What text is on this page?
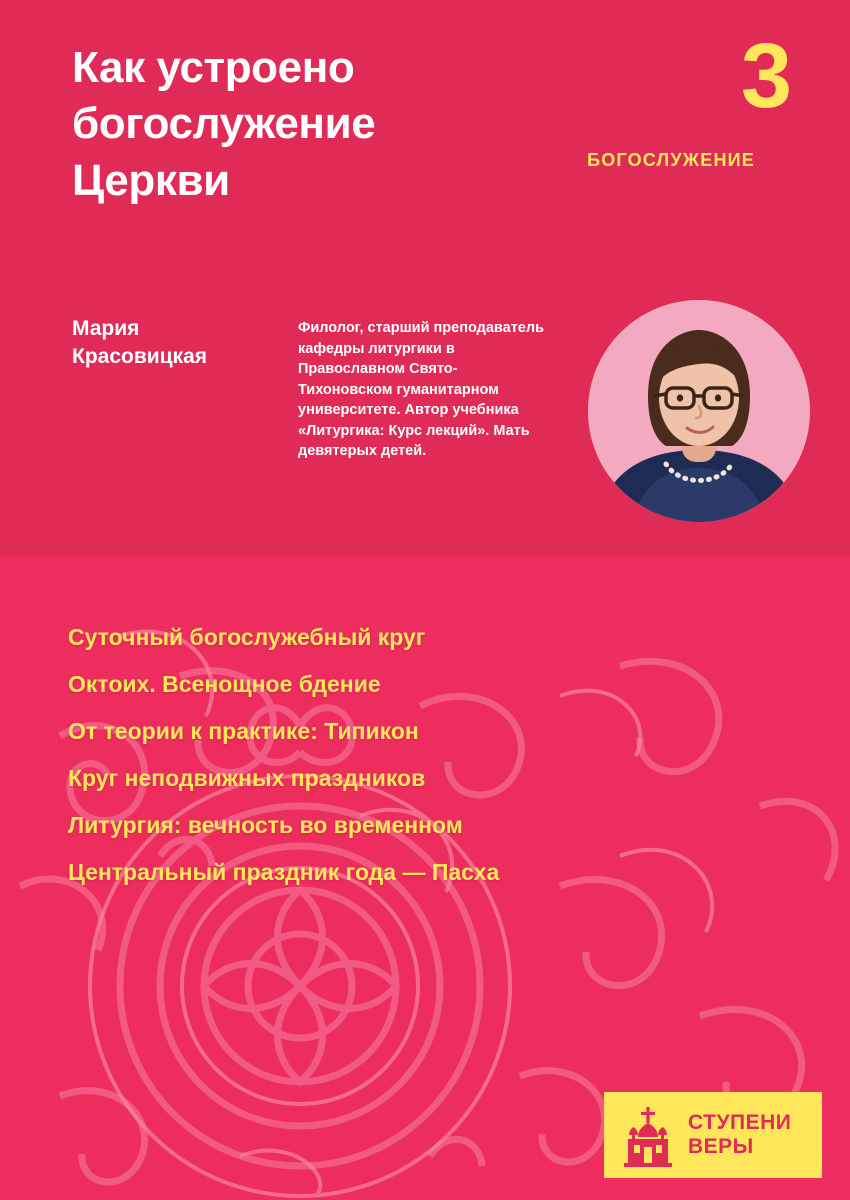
Как устроено богослужение Церкви
3
БОГОСЛУЖЕНИЕ
Мария Красовицкая
Филолог, старший преподаватель кафедры литургики в Православном Свято-Тихоновском гуманитарном университете. Автор учебника «Литургика: Курс лекций». Мать девятерых детей.
Суточный богослужебный круг
Октоих. Всенощное бдение
От теории к практике: Типикон
Круг неподвижных праздников
Литургия: вечность во временном
Центральный праздник года — Пасха
СТУПЕНИ
ВЕРЫ
